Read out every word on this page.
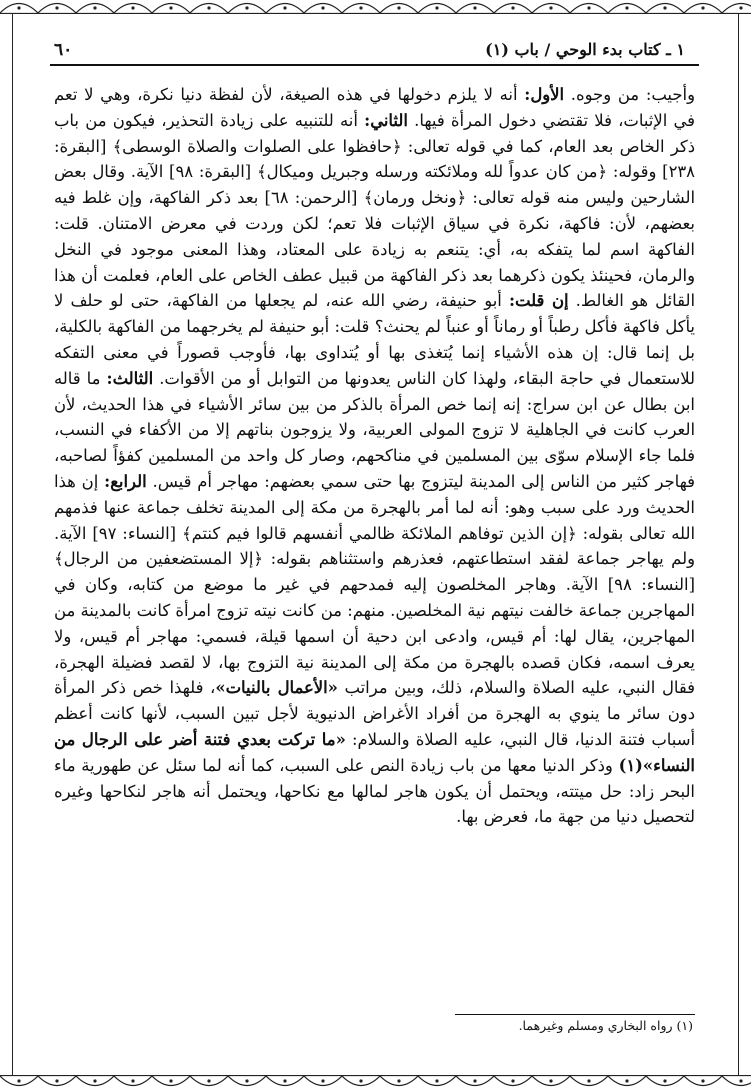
١ ـ كتاب بدء الوحي / باب (١)
٦٠

وأجيب: من وجوه. الأول: أنه لا يلزم دخولها في هذه الصيغة، لأن لفظة دنيا نكرة، وهي لا تعم في الإثبات، فلا تقتضي دخول المرأة فيها. الثاني: أنه للتنبيه على زيادة التحذير، فيكون من باب ذكر الخاص بعد العام، كما في قوله تعالى: ﴿حافظوا على الصلوات والصلاة الوسطى﴾ [البقرة: ٢٣٨] وقوله: ﴿من كان عدواً لله وملائكته ورسله وجبريل وميكال﴾ [البقرة: ٩٨] الآية. وقال بعض الشارحين وليس منه قوله تعالى: ﴿ونخل ورمان﴾ [الرحمن: ٦٨] بعد ذكر الفاكهة، وإن غلط فيه بعضهم، لأن: فاكهة، نكرة في سياق الإثبات فلا تعم؛ لكن وردت في معرض الامتنان. قلت: الفاكهة اسم لما يتفكه به، أي: يتنعم به زيادة على المعتاد، وهذا المعنى موجود في النخل والرمان، فحينئذ يكون ذكرهما بعد ذكر الفاكهة من قبيل عطف الخاص على العام، فعلمت أن هذا القائل هو الغالط. إن قلت: أبو حنيفة، رضي الله عنه، لم يجعلها من الفاكهة، حتى لو حلف لا يأكل فاكهة فأكل رطباً أو رماناً أو عنباً لم يحنث؟ قلت: أبو حنيفة لم يخرجهما من الفاكهة بالكلية، بل إنما قال: إن هذه الأشياء إنما يُتغذى بها أو يُتداوى بها، فأوجب قصوراً في معنى التفكه للاستعمال في حاجة البقاء، ولهذا كان الناس يعدونها من التوابل أو من الأقوات. الثالث: ما قاله ابن بطال عن ابن سراج: إنه إنما خص المرأة بالذكر من بين سائر الأشياء في هذا الحديث، لأن العرب كانت في الجاهلية لا تزوج المولى العربية، ولا يزوجون بناتهم إلا من الأكفاء في النسب، فلما جاء الإسلام سوّى بين المسلمين في مناكحهم، وصار كل واحد من المسلمين كفؤاً لصاحبه، فهاجر كثير من الناس إلى المدينة ليتزوج بها حتى سمي بعضهم: مهاجر أم قيس. الرابع: إن هذا الحديث ورد على سبب وهو: أنه لما أمر بالهجرة من مكة إلى المدينة تخلف جماعة عنها فذمهم الله تعالى بقوله: ﴿إن الذين توفاهم الملائكة ظالمي أنفسهم قالوا فيم كنتم﴾ [النساء: ٩٧] الآية. ولم يهاجر جماعة لفقد استطاعتهم، فعذرهم واستثناهم بقوله: ﴿إلا المستضعفين من الرجال﴾ [النساء: ٩٨] الآية. وهاجر المخلصون إليه فمدحهم في غير ما موضع من كتابه، وكان في المهاجرين جماعة خالفت نيتهم نية المخلصين. منهم: من كانت نيته تزوج امرأة كانت بالمدينة من المهاجرين، يقال لها: أم قيس، وادعى ابن دحية أن اسمها قيلة، فسمي: مهاجر أم قيس، ولا يعرف اسمه، فكان قصده بالهجرة من مكة إلى المدينة نية التزوج بها، لا لقصد فضيلة الهجرة، فقال النبي، عليه الصلاة والسلام، ذلك، وبين مراتب «الأعمال بالنيات»، فلهذا خص ذكر المرأة دون سائر ما ينوي به الهجرة من أفراد الأغراض الدنيوية لأجل تبين السبب، لأنها كانت أعظم أسباب فتنة الدنيا، قال النبي، عليه الصلاة والسلام: «ما تركت بعدي فتنة أضر على الرجال من النساء»(١) وذكر الدنيا معها من باب زيادة النص على السبب، كما أنه لما سئل عن طهورية ماء البحر زاد: حل ميتته، ويحتمل أن يكون هاجر لمالها مع نكاحها، ويحتمل أنه هاجر لنكاحها وغيره لتحصيل دنيا من جهة ما، فعرض بها.

(١) رواه البخاري ومسلم وغيرهما.
